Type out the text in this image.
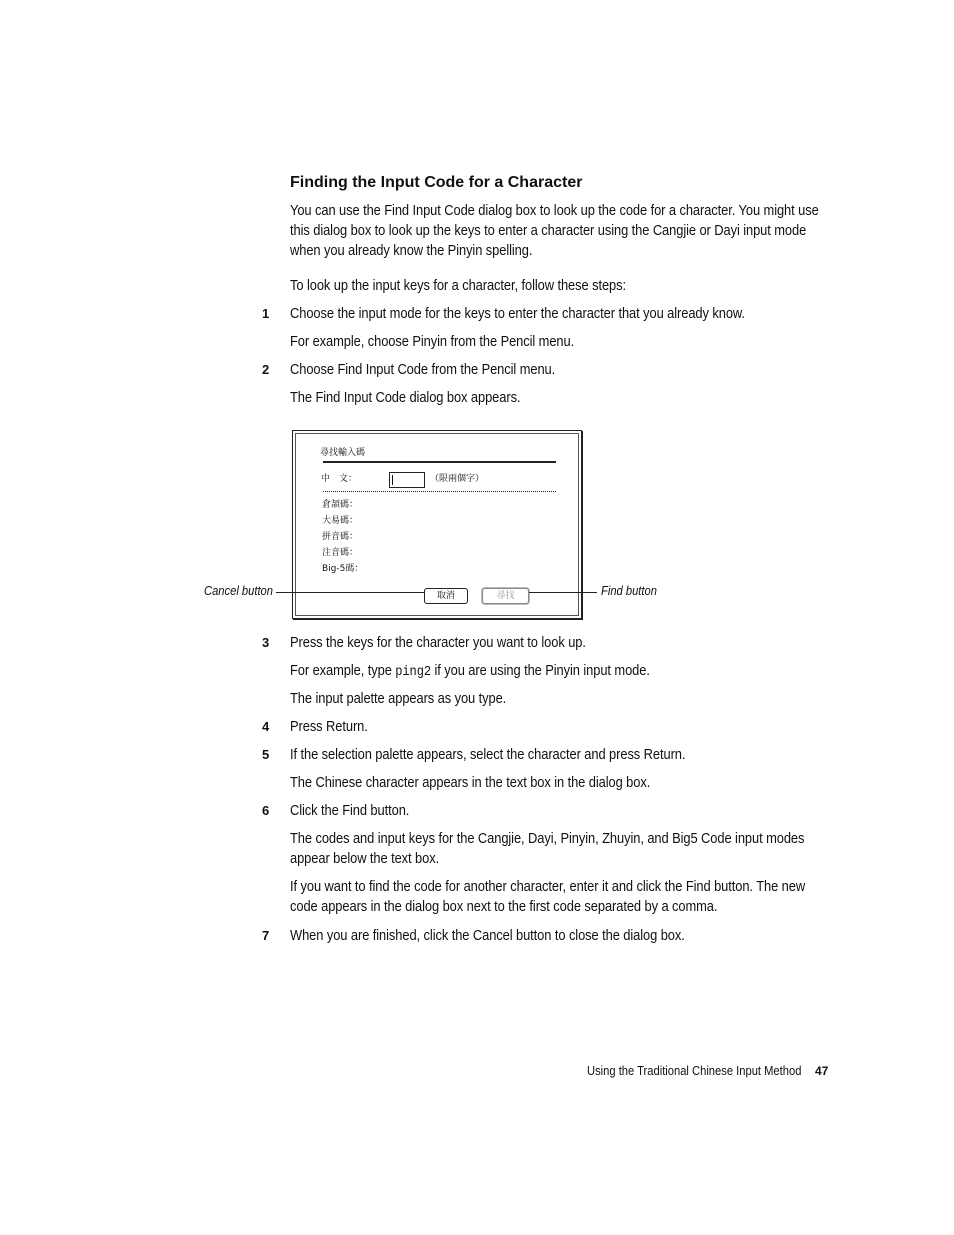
Finding the Input Code for a Character
You can use the Find Input Code dialog box to look up the code for a character. You might use this dialog box to look up the keys to enter a character using the Cangjie or Dayi input mode when you already know the Pinyin spelling.
To look up the input keys for a character, follow these steps:
1 Choose the input mode for the keys to enter the character that you already know.
For example, choose Pinyin from the Pencil menu.
2 Choose Find Input Code from the Pencil menu.
The Find Input Code dialog box appears.
尋找輸入碼
中　文：	（限兩個字）
倉頡碼：
大易碼：
拼音碼：
注音碼：
Big-5碼：
取消	尋找
Cancel button	Find button
3 Press the keys for the character you want to look up.
For example, type ping2 if you are using the Pinyin input mode.
The input palette appears as you type.
4 Press Return.
5 If the selection palette appears, select the character and press Return.
The Chinese character appears in the text box in the dialog box.
6 Click the Find button.
The codes and input keys for the Cangjie, Dayi, Pinyin, Zhuyin, and Big5 Code input modes appear below the text box.
If you want to find the code for another character, enter it and click the Find button. The new code appears in the dialog box next to the first code separated by a comma.
7 When you are finished, click the Cancel button to close the dialog box.
Using the Traditional Chinese Input Method 47
